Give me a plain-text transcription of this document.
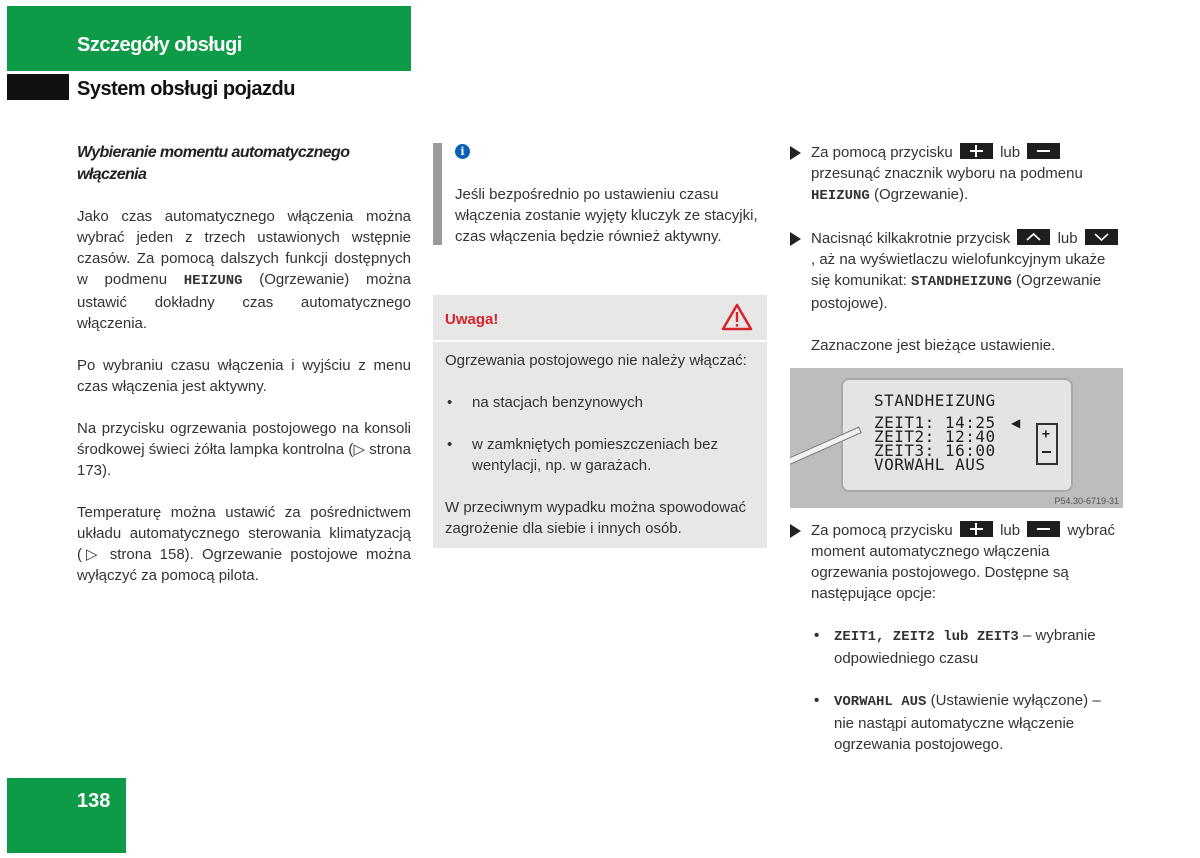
Szczegóły obsługi
System obsługi pojazdu
Wybieranie momentu automatycznego włączenia

Jako czas automatycznego włączenia można wybrać jeden z trzech ustawionych wstępnie czasów. Za pomocą dalszych funkcji dostępnych w podmenu HEIZUNG (Ogrzewanie) można ustawić dokładny czas automatycznego włączenia.

Po wybraniu czasu włączenia i wyjściu z menu czas włączenia jest aktywny.

Na przycisku ogrzewania postojowego na konsoli środkowej świeci żółta lampka kontrolna (▷ strona 173).

Temperaturę można ustawić za pośrednictwem układu automatycznego sterowania klimatyzacją (▷ strona 158). Ogrzewanie postojowe można wyłączyć za pomocą pilota.

i
Jeśli bezpośrednio po ustawieniu czasu włączenia zostanie wyjęty kluczyk ze stacyjki, czas włączenia będzie również aktywny.
Uwaga!

Ogrzewania postojowego nie należy włączać:

• na stacjach benzynowych
• w zamkniętych pomieszczeniach bez wentylacji, np. w garażach.

W przeciwnym wypadku można spowodować zagrożenie dla siebie i innych osób.

Za pomocą przycisku	lub  przesunąć znacznik wyboru na podmenu HEIZUNG (Ogrzewanie).
Nacisnąć kilkakrotnie przycisk	lub
, aż na wyświetlaczu wielofunkcyjnym ukaże się komunikat: STANDHEIZUNG (Ogrzewanie postojowe).
Zaznaczone jest bieżące ustawienie.
STANDHEIZUNG
ZEIT1: 14:25
ZEIT2: 12:40
ZEIT3: 16:00
VORWAHL AUS
◀
+
P54.30-6719-31
Za pomocą przycisku	lub	wybrać moment automatycznego włączenia ogrzewania postojowego. Dostępne są następujące opcje:
• ZEIT1, ZEIT2 lub ZEIT3 – wybranie odpowiedniego czasu
• VORWAHL AUS (Ustawienie wyłączone) – nie nastąpi automatyczne włączenie ogrzewania postojowego.
138
